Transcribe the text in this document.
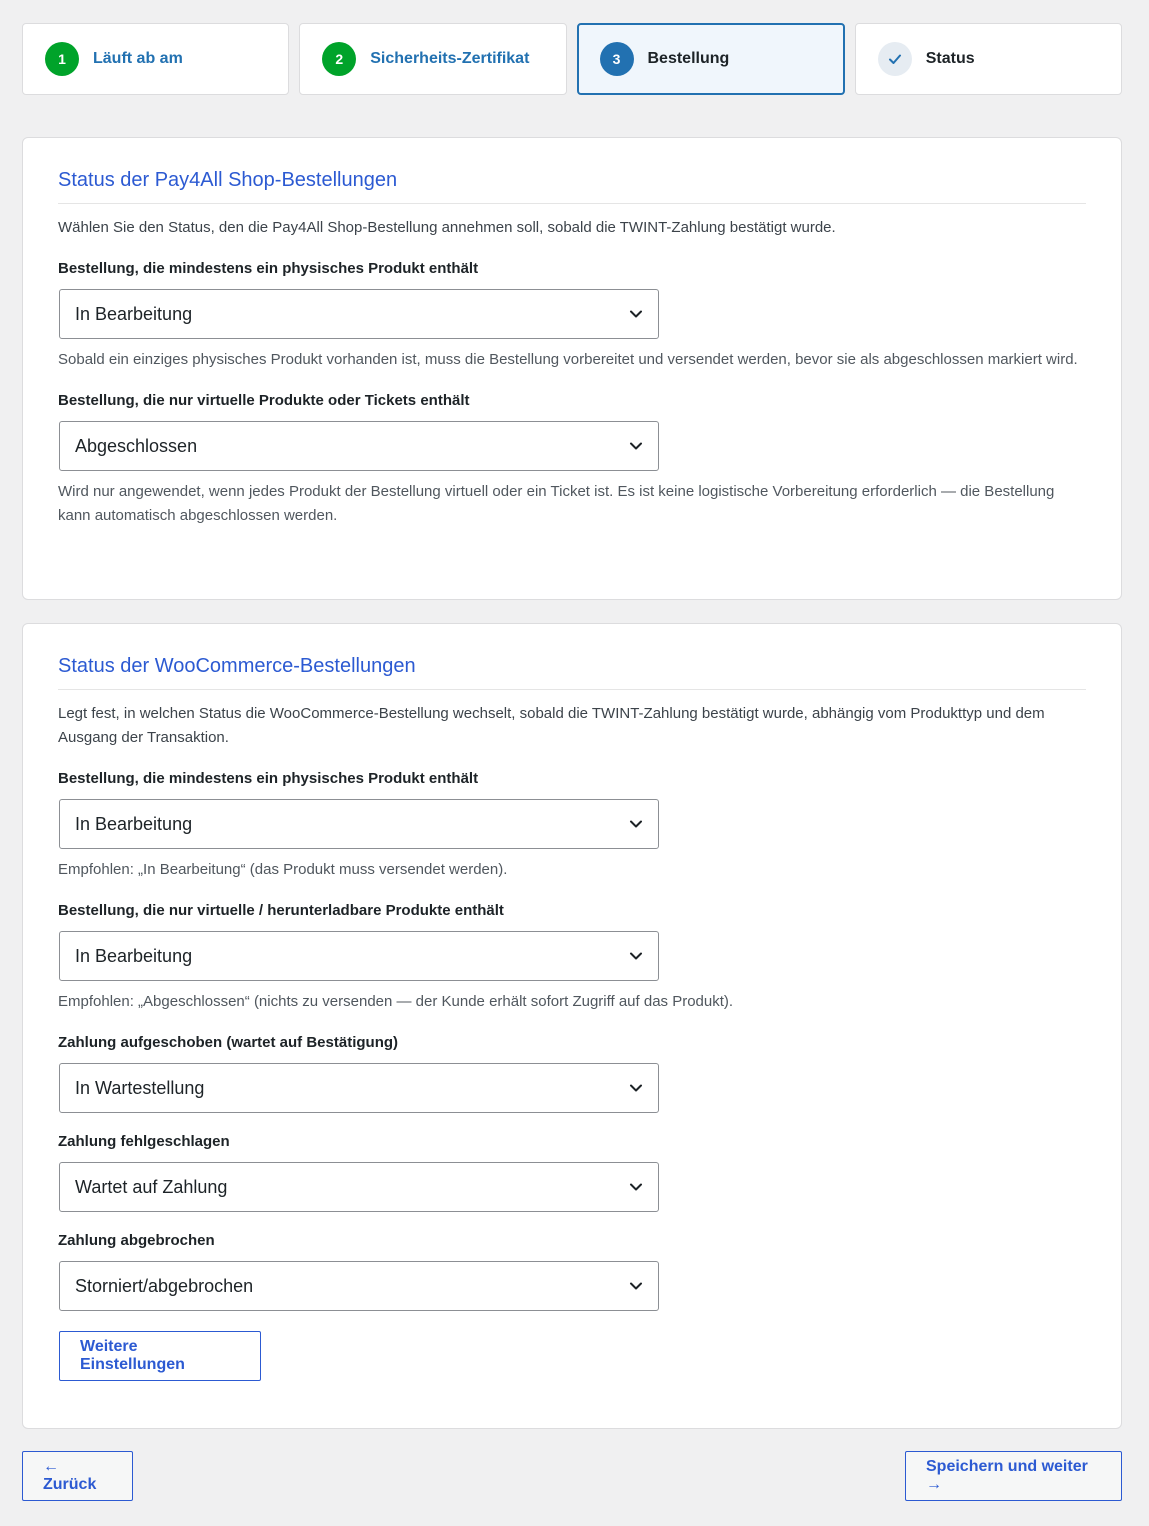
1	Läuft ab am	2	Sicherheits-Zertifikat	3	Bestellung	Status
Status der Pay4All Shop-Bestellungen

Wählen Sie den Status, den die Pay4All Shop-Bestellung annehmen soll, sobald die TWINT-Zahlung bestätigt wurde.

Bestellung, die mindestens ein physisches Produkt enthält
In Bearbeitung

Sobald ein einziges physisches Produkt vorhanden ist, muss die Bestellung vorbereitet und versendet werden, bevor sie als abgeschlossen markiert wird.

Bestellung, die nur virtuelle Produkte oder Tickets enthält
Abgeschlossen

Wird nur angewendet, wenn jedes Produkt der Bestellung virtuell oder ein Ticket ist. Es ist keine logistische Vorbereitung erforderlich — die Bestellung kann automatisch abgeschlossen werden.

Status der WooCommerce-Bestellungen

Legt fest, in welchen Status die WooCommerce-Bestellung wechselt, sobald die TWINT-Zahlung bestätigt wurde, abhängig vom Produkttyp und dem Ausgang der Transaktion.

Bestellung, die mindestens ein physisches Produkt enthält
In Bearbeitung

Empfohlen: „In Bearbeitung“ (das Produkt muss versendet werden).

Bestellung, die nur virtuelle / herunterladbare Produkte enthält
In Bearbeitung

Empfohlen: „Abgeschlossen“ (nichts zu versenden — der Kunde erhält sofort Zugriff auf das Produkt).

Zahlung aufgeschoben (wartet auf Bestätigung)
In Wartestellung
Zahlung fehlgeschlagen
Wartet auf Zahlung
Zahlung abgebrochen
Storniert/abgebrochen
Weitere Einstellungen
← Zurück
Speichern und weiter →
